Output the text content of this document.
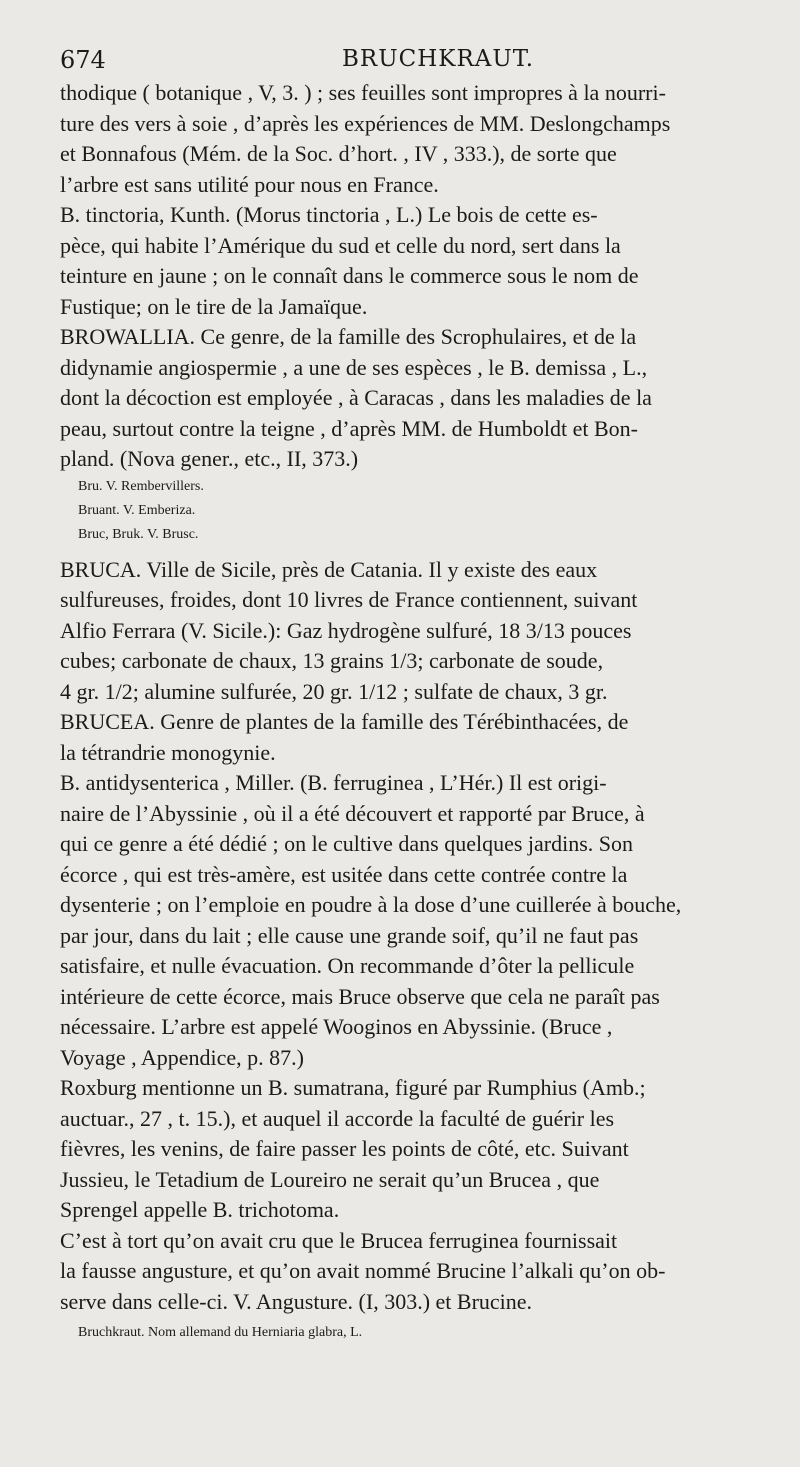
674	BRUCHKRAUT.
thodique ( botanique , V, 3. ) ; ses feuilles sont impropres à la nourri-
ture des vers à soie , d’après les expériences de MM. Deslongchamps
et Bonnafous (Mém. de la Soc. d’hort. , IV , 333.), de sorte que
l’arbre est sans utilité pour nous en France.
B. tinctoria, Kunth. (Morus tinctoria , L.) Le bois de cette es-
pèce, qui habite l’Amérique du sud et celle du nord, sert dans la
teinture en jaune ; on le connaît dans le commerce sous le nom de
Fustique; on le tire de la Jamaïque.
BROWALLIA. Ce genre, de la famille des Scrophulaires, et de la
didynamie angiospermie , a une de ses espèces , le B. demissa , L.,
dont la décoction est employée , à Caracas , dans les maladies de la
peau, surtout contre la teigne , d’après MM. de Humboldt et Bon-
pland. (Nova gener., etc., II, 373.)
Bru. V. Rembervillers.
Bruant. V. Emberiza.
Bruc, Bruk. V. Brusc.
BRUCA. Ville de Sicile, près de Catania. Il y existe des eaux
sulfureuses, froides, dont 10 livres de France contiennent, suivant
Alfio Ferrara (V. Sicile.): Gaz hydrogène sulfuré, 18 3/13 pouces
cubes; carbonate de chaux, 13 grains 1/3; carbonate de soude,
4 gr. 1/2; alumine sulfurée, 20 gr. 1/12 ; sulfate de chaux, 3 gr.
BRUCEA. Genre de plantes de la famille des Térébinthacées, de
la tétrandrie monogynie.
B. antidysenterica , Miller. (B. ferruginea , L’Hér.) Il est origi-
naire de l’Abyssinie , où il a été découvert et rapporté par Bruce, à
qui ce genre a été dédié ; on le cultive dans quelques jardins. Son
écorce , qui est très-amère, est usitée dans cette contrée contre la
dysenterie ; on l’emploie en poudre à la dose d’une cuillerée à bouche,
par jour, dans du lait ; elle cause une grande soif, qu’il ne faut pas
satisfaire, et nulle évacuation. On recommande d’ôter la pellicule
intérieure de cette écorce, mais Bruce observe que cela ne paraît pas
nécessaire. L’arbre est appelé Wooginos en Abyssinie. (Bruce ,
Voyage , Appendice, p. 87.)
Roxburg mentionne un B. sumatrana, figuré par Rumphius (Amb.;
auctuar., 27 , t. 15.), et auquel il accorde la faculté de guérir les
fièvres, les venins, de faire passer les points de côté, etc. Suivant
Jussieu, le Tetadium de Loureiro ne serait qu’un Brucea , que
Sprengel appelle B. trichotoma.
C’est à tort qu’on avait cru que le Brucea ferruginea fournissait
la fausse angusture, et qu’on avait nommé Brucine l’alkali qu’on ob-
serve dans celle-ci. V. Angusture. (I, 303.) et Brucine.
Bruchkraut. Nom allemand du Herniaria glabra, L.
